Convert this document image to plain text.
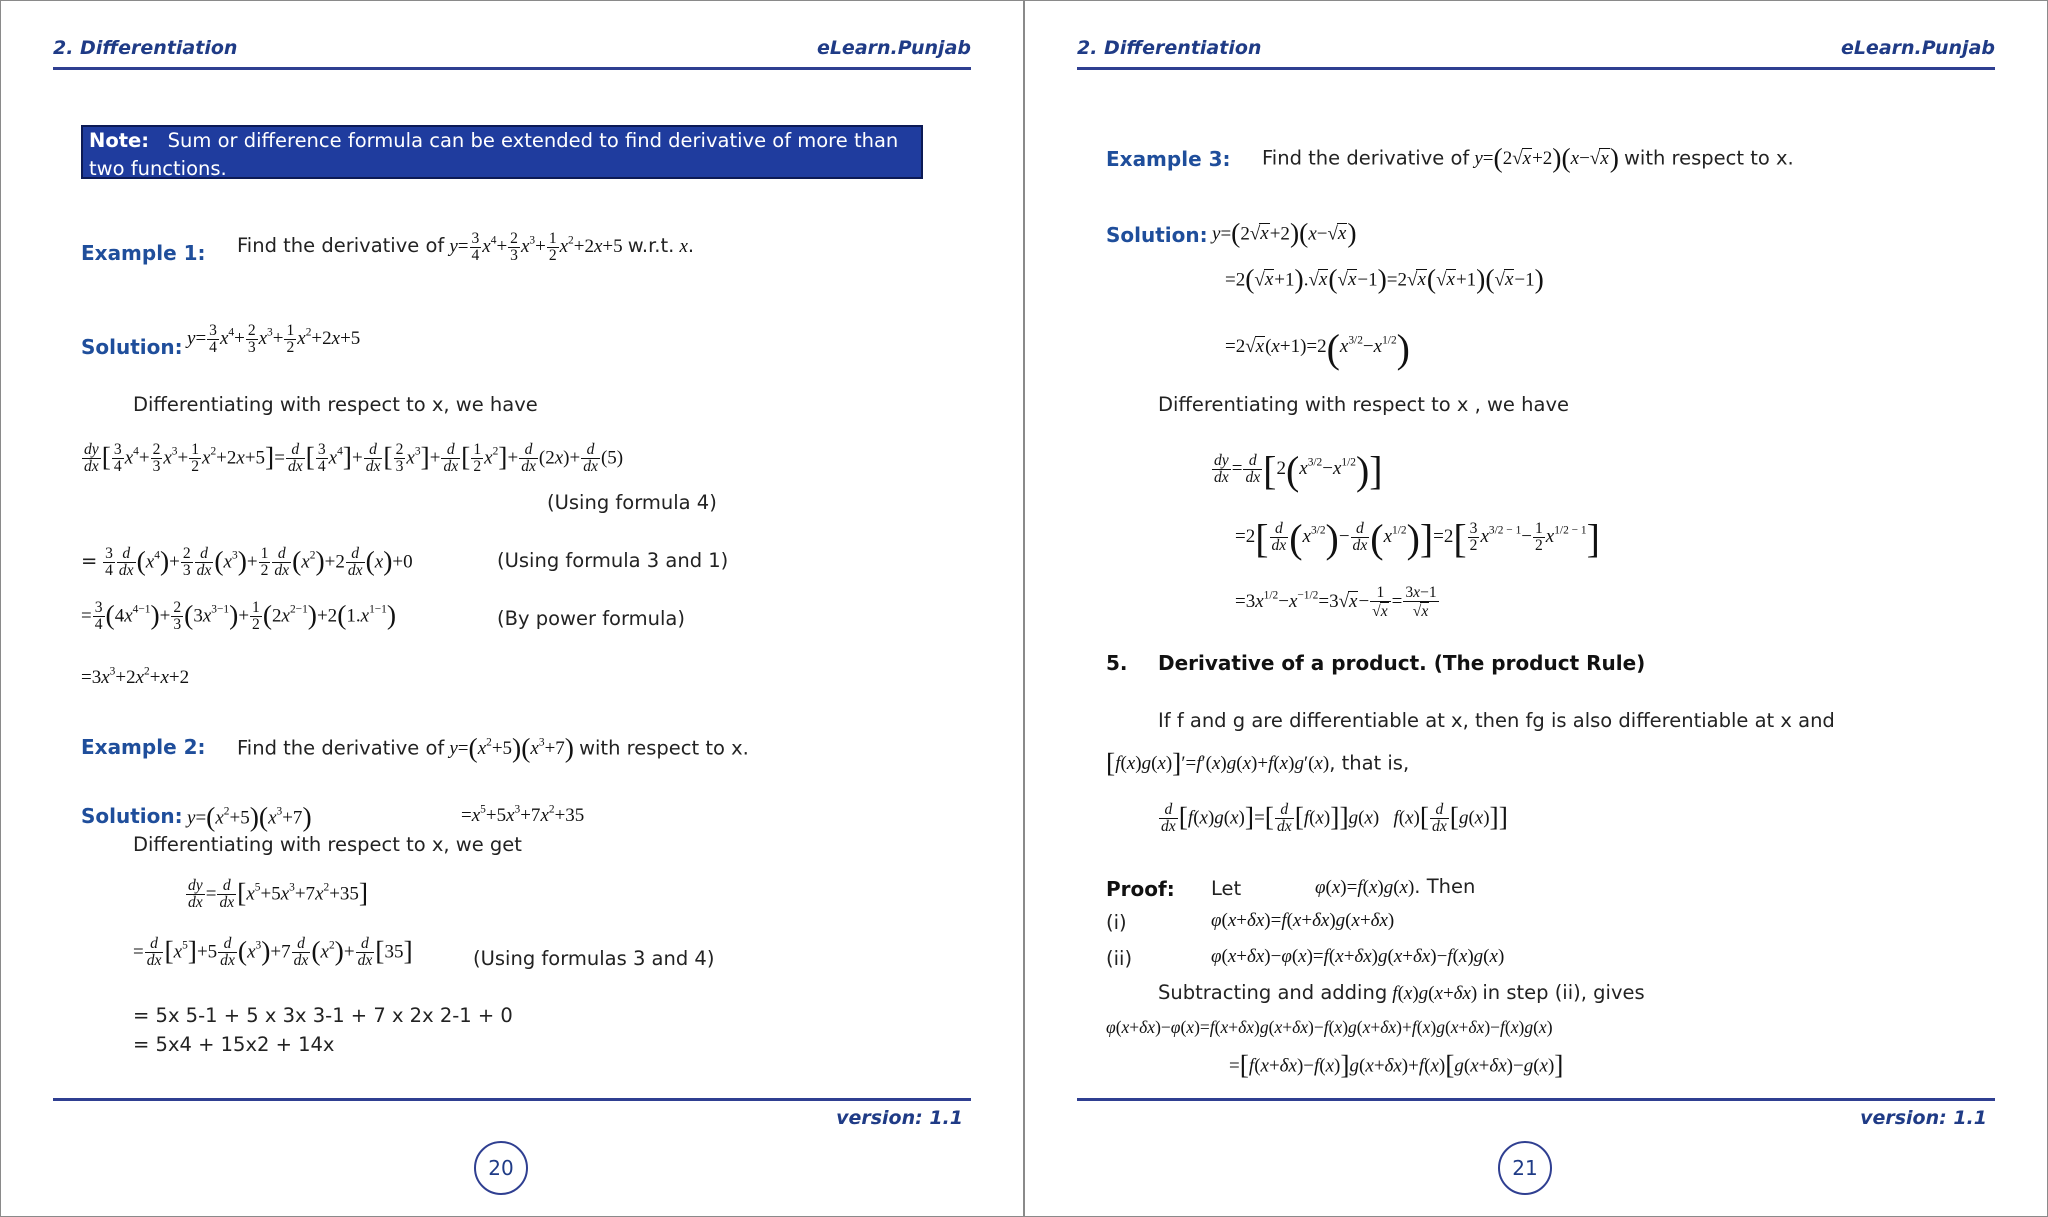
2. Differentiation	eLearn.Punjab
Note: Sum or difference formula can be extended to find derivative of more than two functions.
Example 1: Find the derivative of $y= \frac{3}{4} x^4+ \frac{2}{3} x^3+ \frac{1}{2} x^2+2x+5$ w.r.t. x.
Solution: $y= \frac{3}{4} x^4+ \frac{2}{3} x^3+ \frac{1}{2} x^2+2x+5$
Differentiating with respect to x, we have
$\frac{dy}{dx}$ [ $\frac{3}{4} x^4+ \frac{2}{3} x^3+ \frac{1}{2} x^2+2x+5]= \frac{d}{dx}$ [ $\frac{3}{4} x^4]+ \frac{d}{dx}$ [ $\frac{2}{3} x^3]+ \frac{d}{dx}$ [ $\frac{1}{2} x^2]+ \frac{d}{dx} (2x)+ \frac{d}{dx} (5)$
(Using formula 4)
= $\frac{3}{4} \frac{d}{dx} (x^4)+ \frac{2}{3} \frac{d}{dx} (x^3)+ \frac{1}{2} \frac{d}{dx} (x^2)+2 \frac{d}{dx} (x)+0$	(Using formula 3 and 1)
= $\frac{3}{4} (4x^{4-1})+ \frac{2}{3} (3x^{3-1})+ \frac{1}{2} (2x^{2-1})+2(1.x^{1-1})$	(By power formula)
$=3x^3+2x^2+x+2$
Example 2: Find the derivative of $y=(x^2+5)(x^3+7)$ with respect to x.
Solution: $y=(x^2+5)(x^3+7)$	$=x^5+5x^3+7x^2+35$
Differentiating with respect to x, we get
$\frac{dy}{dx} = \frac{d}{dx} [x^5+5x^3+7x^2+35]$
= $\frac{d}{dx} [x^5]+5 \frac{d}{dx} (x^3)+7 \frac{d}{dx} (x^2)+ \frac{d}{dx} [35]$	(Using formulas 3 and 4)
= 5x 5-1 + 5 x 3x 3-1 + 7 x 2x 2-1 + 0
= 5x4 + 15x2 + 14x
version: 1.1
20
2. Differentiation	eLearn.Punjab
Example 3: Find the derivative of y=(2√x+2)(x−√x) with respect to x.
Solution: y=(2√x+2)(x−√x)
=2(√x+1).√x(√x−1)=2√x(√x+1)(√x−1)
$=2√x(x+1)=2(x^{3/2}-x^{1/2})$
Differentiating with respect to x , we have
$\frac{dy}{dx} = \frac{d}{dx} [2(x^{3/2}-x^{1/2})]$
$=2[ \frac{d}{dx} (x^{3/2})- \frac{d}{dx} (x^{1/2})]=2[ \frac{3}{2} x^{3/2 - 1}- \frac{1}{2} x^{1/2 - 1}]$
$=3x^{1/2}-x^{-1/2}=3√x- \frac{1}{√x} = \frac{3x-1}{√x}$
5. Derivative of a product. (The product Rule)
If f and g are differentiable at x, then fg is also differentiable at x and
[f(x)g(x)]′=f′(x)g(x)+f(x)g′(x), that is,
$\frac{d}{dx} [f(x)g(x)]=[ \frac{d}{dx} [f(x)]]g(x)$   $f(x)[ \frac{d}{dx} [g(x)]]$
Proof: Let	φ(x)=f(x)g(x). Then
(i)	φ(x+δx)=f(x+δx)g(x+δx)
(ii)	φ(x+δx)−φ(x)=f(x+δx)g(x+δx)−f(x)g(x)
Subtracting and adding f(x)g(x+δx) in step (ii), gives
φ(x+δx)−φ(x)=f(x+δx)g(x+δx)−f(x)g(x+δx)+f(x)g(x+δx)−f(x)g(x)
=[f(x+δx)−f(x)]g(x+δx)+f(x)[g(x+δx)−g(x)]
version: 1.1
21
